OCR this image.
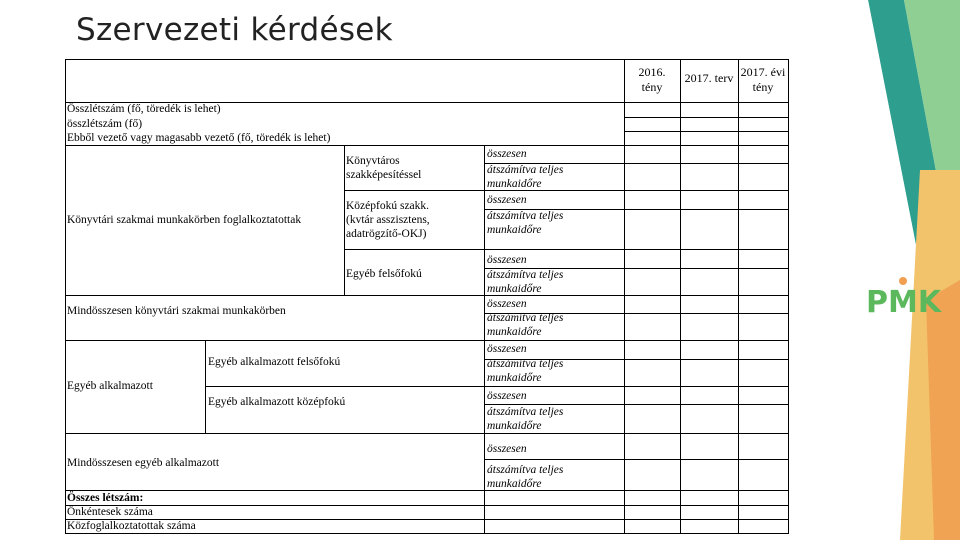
Szervezeti kérdések
PMK
2016.
tény
2017. terv 2017. évi
tény
Összlétszám (fő, töredék is lehet)
összlétszám (fő)
Ebből vezető vagy magasabb vezető (fő, töredék is lehet)
Könyvtári szakmai munkakörben foglalkoztatottak
Könyvtáros
szakképesítéssel
Középfokú szakk.
(kvtár asszisztens,
adatrögzítő-OKJ)
Egyéb felsőfokú
összesen
átszámítva teljes
munkaidőre
összesen
átszámítva teljes
munkaidőre
összesen
átszámítva teljes
munkaidőre
Mindösszesen könyvtári szakmai munkakörben
összesen
átszámítva teljes
munkaidőre
Egyéb alkalmazott
Egyéb alkalmazott felsőfokú
Egyéb alkalmazott középfokú
összesen
átszámítva teljes
munkaidőre
összesen
átszámítva teljes
munkaidőre
Mindösszesen egyéb alkalmazott
összesen
átszámítva teljes
munkaidőre
Összes létszám:
Önkéntesek száma
Közfoglalkoztatottak száma
